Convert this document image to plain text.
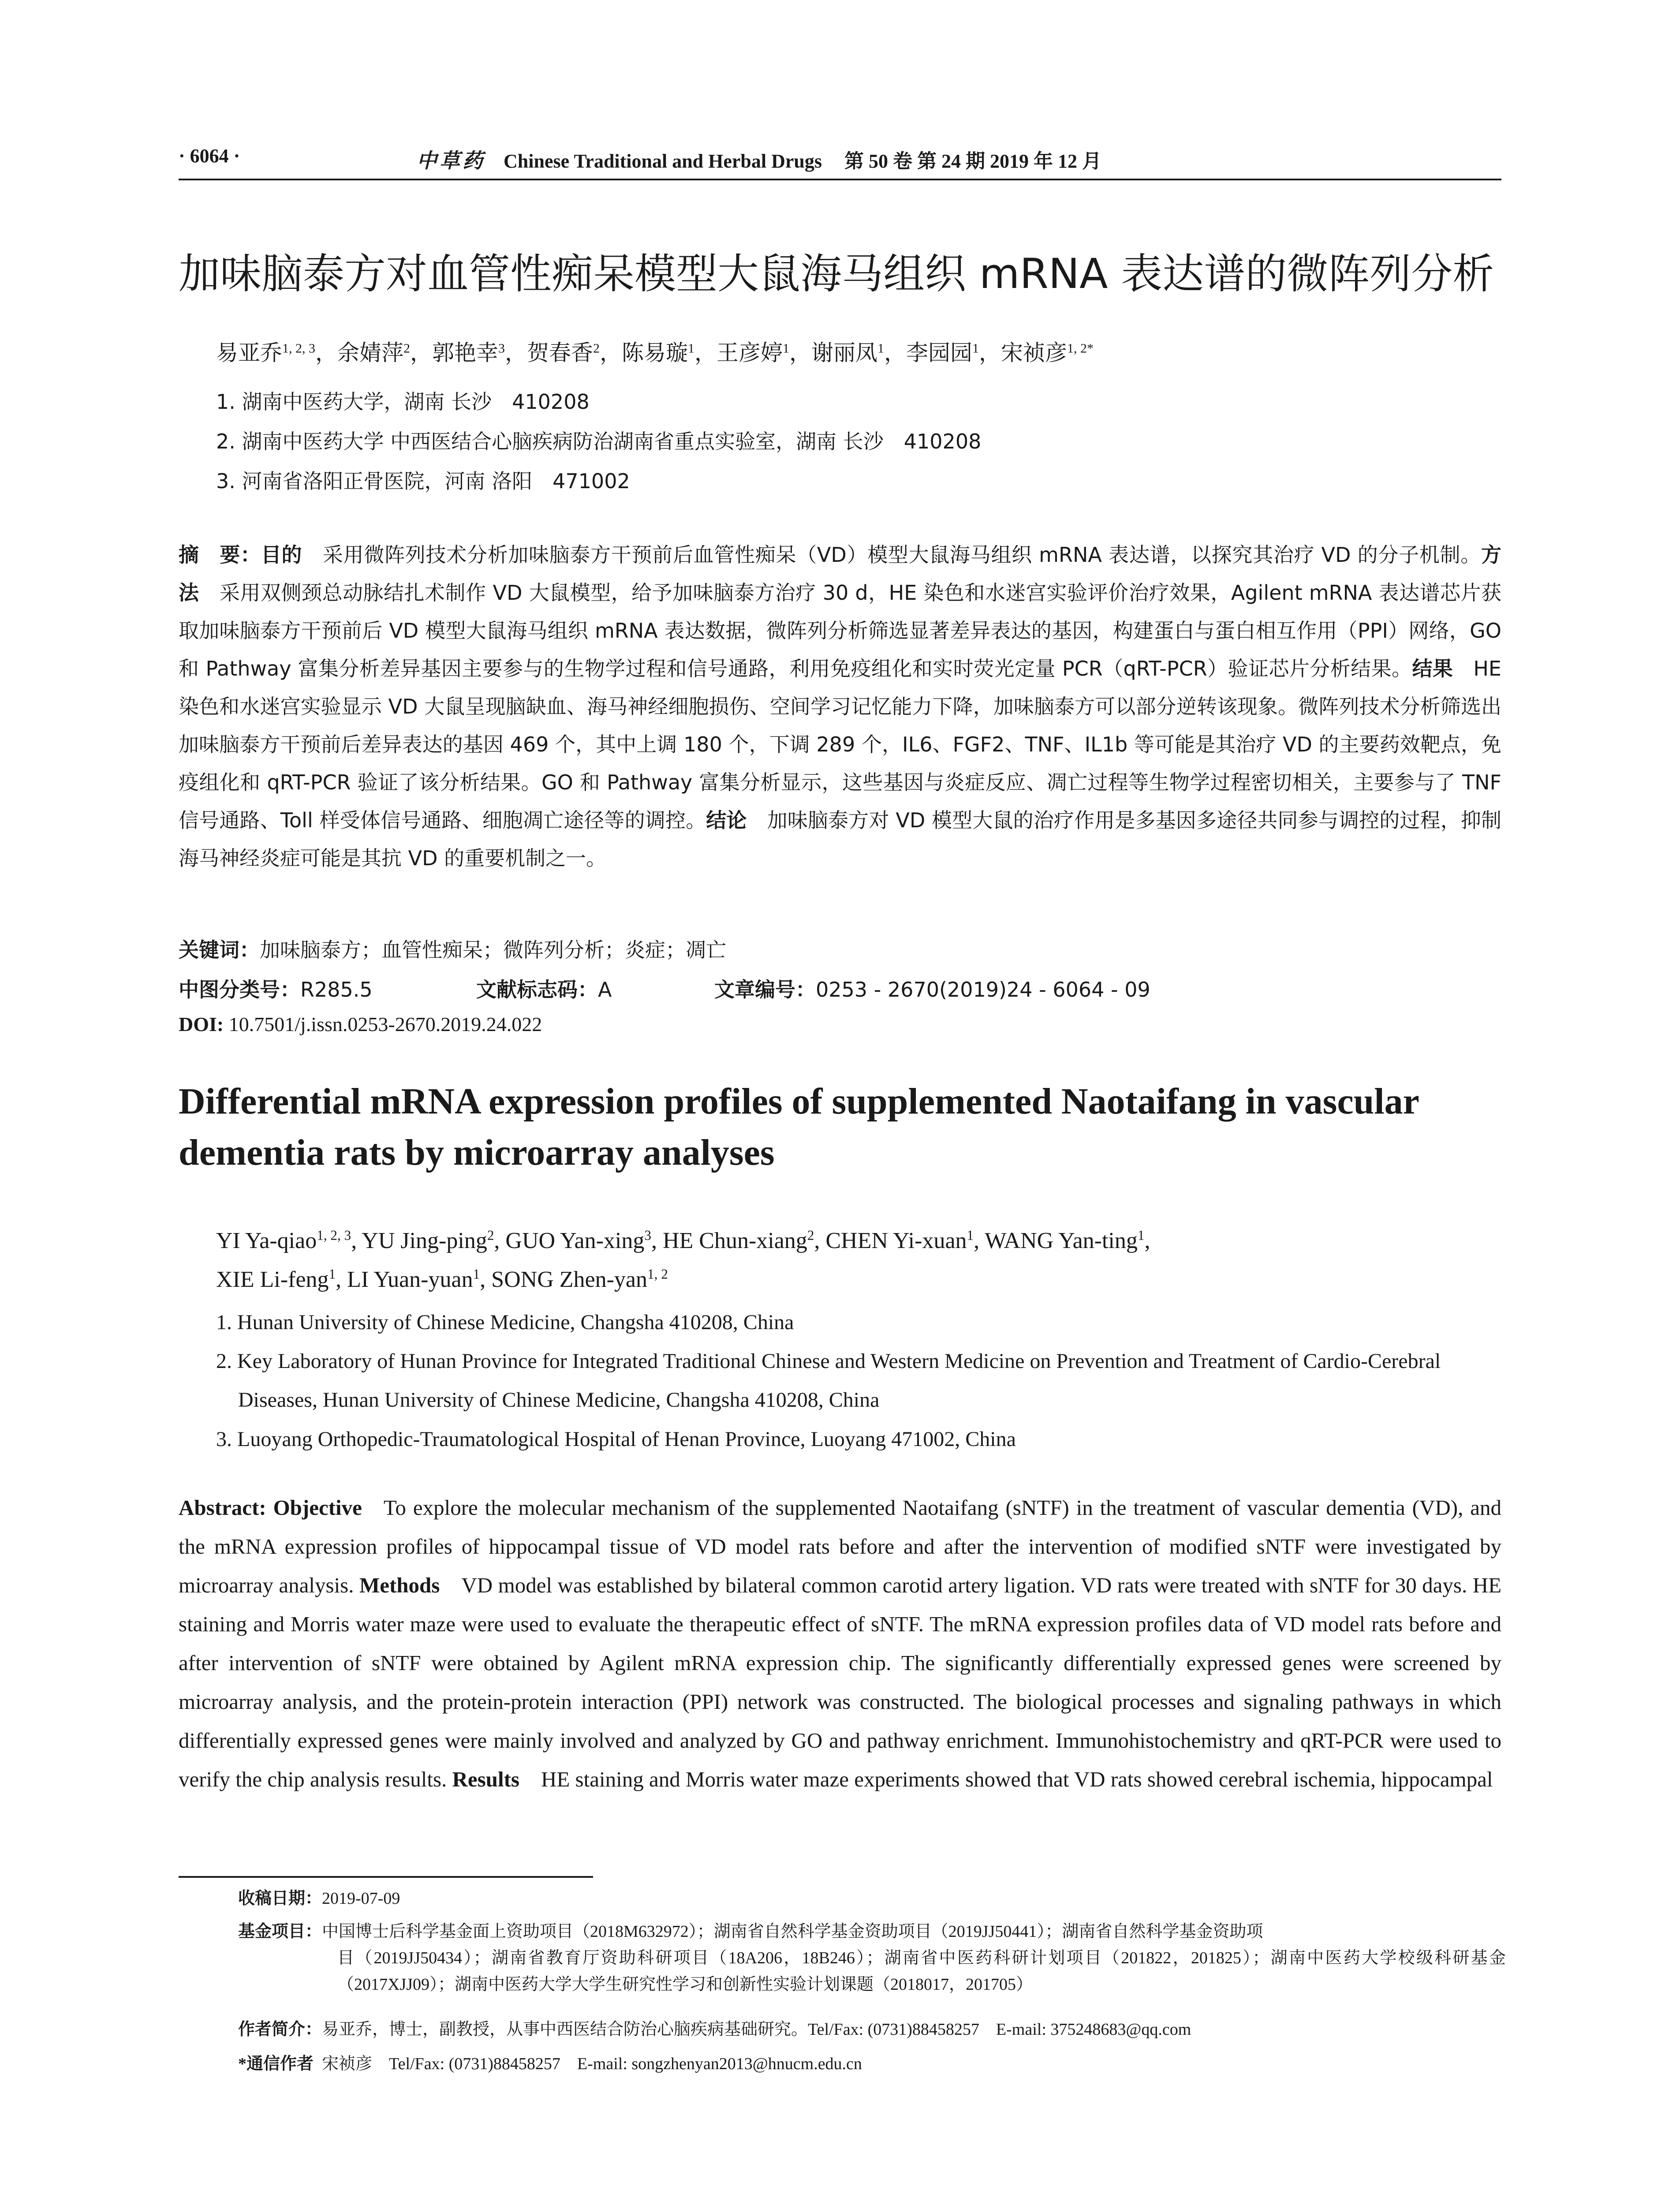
· 6064 ·	中草药 Chinese Traditional and Herbal Drugs 第 50 卷 第 24 期 2019 年 12 月
加味脑泰方对血管性痴呆模型大鼠海马组织 mRNA 表达谱的微阵列分析
易亚乔$^{1, 2, 3}$，余婧萍$^2$，郭艳幸$^3$，贺春香$^2$，陈易璇$^1$，王彦婷$^1$，谢丽凤$^1$，李园园$^1$，宋祯彦$^{1, 2*}$
1. 湖南中医药大学，湖南 长沙　410208
2. 湖南中医药大学 中西医结合心脑疾病防治湖南省重点实验室，湖南 长沙　410208
3. 河南省洛阳正骨医院，河南 洛阳　471002
摘　要：目的  采用微阵列技术分析加味脑泰方干预前后血管性痴呆（VD）模型大鼠海马组织 mRNA 表达谱，以探究其治疗 VD 的分子机制。方法  采用双侧颈总动脉结扎术制作 VD 大鼠模型，给予加味脑泰方治疗 30 d，HE 染色和水迷宫实验评价治疗效果，Agilent mRNA 表达谱芯片获取加味脑泰方干预前后 VD 模型大鼠海马组织 mRNA 表达数据，微阵列分析筛选显著差异表达的基因，构建蛋白与蛋白相互作用（PPI）网络，GO 和 Pathway 富集分析差异基因主要参与的生物学过程和信号通路，利用免疫组化和实时荧光定量 PCR（qRT-PCR）验证芯片分析结果。结果  HE 染色和水迷宫实验显示 VD 大鼠呈现脑缺血、海马神经细胞损伤、空间学习记忆能力下降，加味脑泰方可以部分逆转该现象。微阵列技术分析筛选出加味脑泰方干预前后差异表达的基因 469 个，其中上调 180 个，下调 289 个，IL6、FGF2、TNF、IL1b 等可能是其治疗 VD 的主要药效靶点，免疫组化和 qRT-PCR 验证了该分析结果。GO 和 Pathway 富集分析显示，这些基因与炎症反应、凋亡过程等生物学过程密切相关，主要参与了 TNF 信号通路、Toll 样受体信号通路、细胞凋亡途径等的调控。结论  加味脑泰方对 VD 模型大鼠的治疗作用是多基因多途径共同参与调控的过程，抑制海马神经炎症可能是其抗 VD 的重要机制之一。
关键词：加味脑泰方；血管性痴呆；微阵列分析；炎症；凋亡
中图分类号：R285.5	文献标志码：A	文章编号：0253 - 2670(2019)24 - 6064 - 09
DOI: 10.7501/j.issn.0253-2670.2019.24.022
Differential mRNA expression profiles of supplemented Naotaifang in vascular dementia rats by microarray analyses
YI Ya-qiao$^{1, 2, 3}$, YU Jing-ping$^2$, GUO Yan-xing$^3$, HE Chun-xiang$^2$, CHEN Yi-xuan$^1$, WANG Yan-ting$^1$,
XIE Li-feng$^1$, LI Yuan-yuan$^1$, SONG Zhen-yan$^{1, 2}$
1. Hunan University of Chinese Medicine, Changsha 410208, China
2. Key Laboratory of Hunan Province for Integrated Traditional Chinese and Western Medicine on Prevention and Treatment of Cardio-Cerebral Diseases, Hunan University of Chinese Medicine, Changsha 410208, China
3. Luoyang Orthopedic-Traumatological Hospital of Henan Province, Luoyang 471002, China
Abstract: Objective   To explore the molecular mechanism of the supplemented Naotaifang (sNTF) in the treatment of vascular dementia (VD), and the mRNA expression profiles of hippocampal tissue of VD model rats before and after the intervention of modified sNTF were investigated by microarray analysis. Methods   VD model was established by bilateral common carotid artery ligation. VD rats were treated with sNTF for 30 days. HE staining and Morris water maze were used to evaluate the therapeutic effect of sNTF. The mRNA expression profiles data of VD model rats before and after intervention of sNTF were obtained by Agilent mRNA expression chip. The significantly differentially expressed genes were screened by microarray analysis, and the protein-protein interaction (PPI) network was constructed. The biological processes and signaling pathways in which differentially expressed genes were mainly involved and analyzed by GO and pathway enrichment. Immunohistochemistry and qRT-PCR were used to verify the chip analysis results. Results   HE staining and Morris water maze experiments showed that VD rats showed cerebral ischemia, hippocampal
收稿日期：2019-07-09
基金项目：中国博士后科学基金面上资助项目（2018M632972）；湖南省自然科学基金资助项目（2019JJ50441）；湖南省自然科学基金资助项
目（2019JJ50434）；湖南省教育厅资助科研项目（18A206，18B246）；湖南省中医药科研计划项目（201822，201825）；湖南中医药大学校级科研基金（2017XJJ09）；湖南中医药大学大学生研究性学习和创新性实验计划课题（2018017，201705）
作者简介：易亚乔，博士，副教授，从事中西医结合防治心脑疾病基础研究。Tel/Fax: (0731)88458257　E-mail: 375248683@qq.com
*通信作者  宋祯彦　Tel/Fax: (0731)88458257　E-mail: songzhenyan2013@hnucm.edu.cn
